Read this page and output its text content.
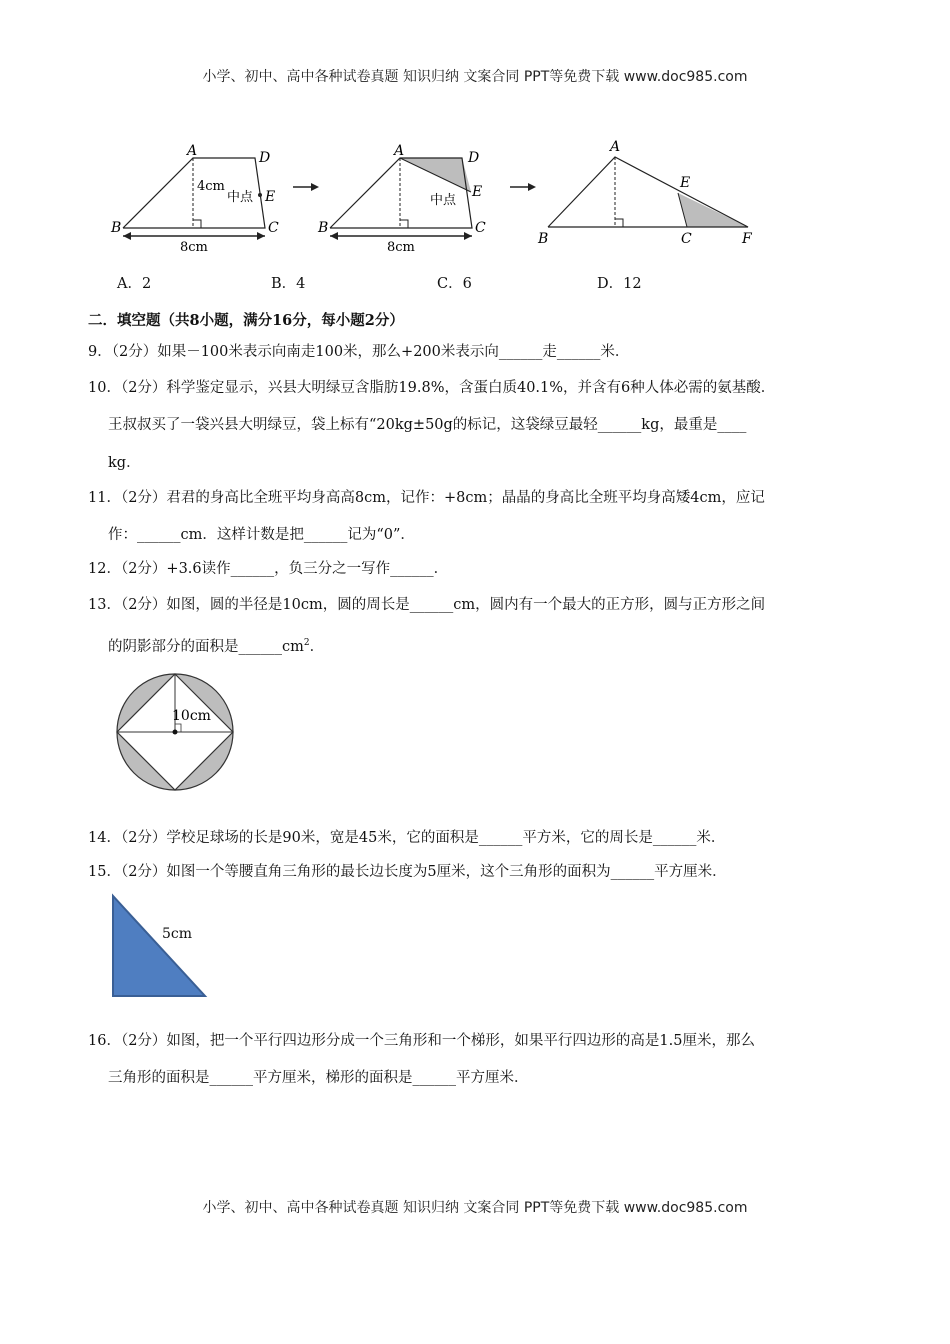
小学、初中、高中各种试卷真题 知识归纳 文案合同 PPT等免费下载 www.doc985.com
A	D
E
C
B
4cm
中点
8cm
A	D
E
C
B
中点
8cm
A
E
B	C	F
A．2	B．4	C．6	D．12
二．填空题（共8小题，满分16分，每小题2分）
9．（2分）如果－100米表示向南走100米，那么+200米表示向______走______米．
10．（2分）科学鉴定显示，兴县大明绿豆含脂肪19.8%，含蛋白质40.1%，并含有6种人体必需的氨基酸．
王叔叔买了一袋兴县大明绿豆，袋上标有“20kg±50g的标记，这袋绿豆最轻______kg，最重是____
kg．
11．（2分）君君的身高比全班平均身高高8cm，记作：+8cm；晶晶的身高比全班平均身高矮4cm，应记
作：______cm．这样计数是把______记为“0”．
12．（2分）+3.6读作______，负三分之一写作______．
13．（2分）如图，圆的半径是10cm，圆的周长是______cm，圆内有一个最大的正方形，圆与正方形之间
的阴影部分的面积是$\_\_\_\_\_\_cm^2$．
10cm
14．（2分）学校足球场的长是90米，宽是45米，它的面积是______平方米，它的周长是______米．
15．（2分）如图一个等腰直角三角形的最长边长度为5厘米，这个三角形的面积为______平方厘米．
5cm
16．（2分）如图，把一个平行四边形分成一个三角形和一个梯形，如果平行四边形的高是1.5厘米，那么
三角形的面积是______平方厘米，梯形的面积是______平方厘米．
小学、初中、高中各种试卷真题 知识归纳 文案合同 PPT等免费下载 www.doc985.com
